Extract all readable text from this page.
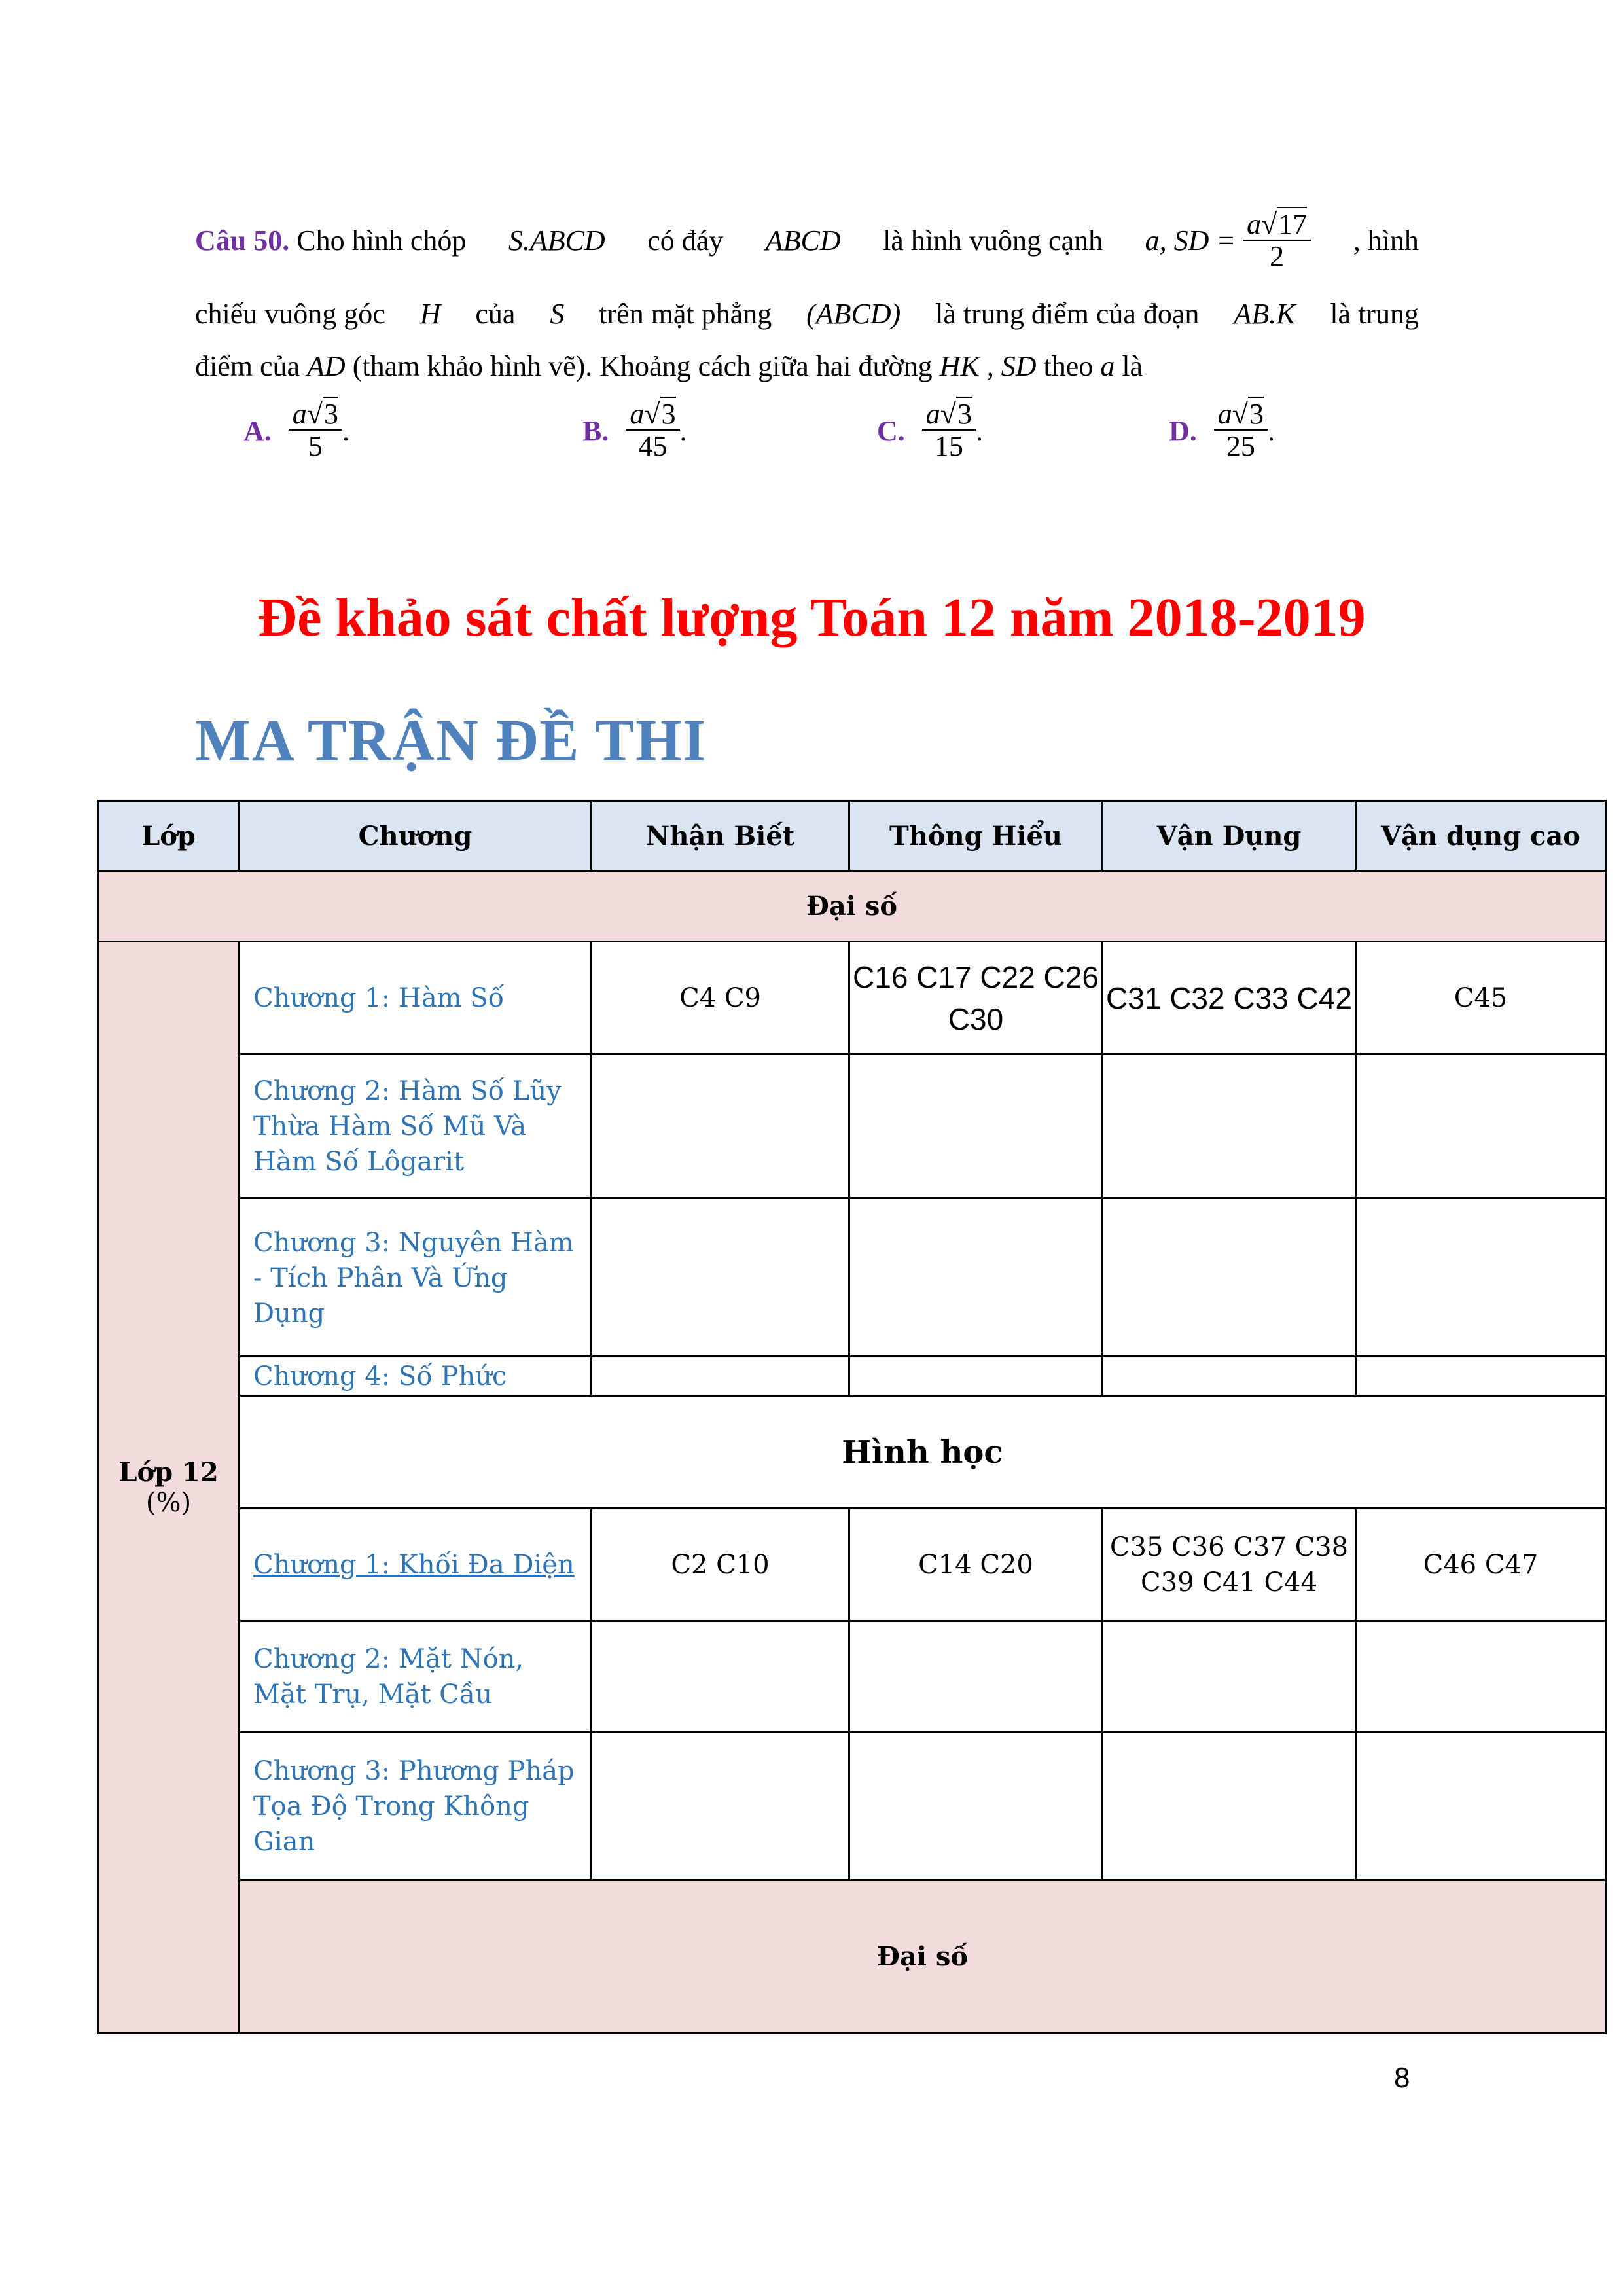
Câu 50. Cho hình chóp S.ABCD có đáy ABCD là hình vuông cạnh a, SD =
$\frac{a√17}{2}$ , hình
chiếu vuông góc H của S trên mặt phẳng (ABCD) là trung điểm của đoạn AB.K là trung
điểm của AD (tham khảo hình vẽ). Khoảng cách giữa hai đường HK , SD theo a là
A. $\frac{a√3}{5}$ .	B. $\frac{a√3}{45}$ .	C. $\frac{a√3}{15}$ .	D. $\frac{a√3}{25}$ .
Đề khảo sát chất lượng Toán 12 năm 2018-2019
MA TRẬN ĐỀ THI
Lớp	Chương	Nhận Biết	Thông Hiểu	Vận Dụng	Vận dụng cao
Đại số					

Lớp 12
(%)	Chương 1: Hàm Số	C4 C9	C16 C17 C22 C26 C30	C31 C32 C33 C42	C45
	Chương 2: Hàm Số Lũy Thừa Hàm Số Mũ Và Hàm Số Lôgarit				
	Chương 3: Nguyên Hàm - Tích Phân Và Ứng Dụng				
	Chương 4: Số Phức				
	Hình học				
	Chương 1: Khối Đa Diện	C2 C10	C14 C20	C35 C36 C37 C38 C39 C41 C44	C46 C47
	Chương 2: Mặt Nón, Mặt Trụ, Mặt Cầu				
	Chương 3: Phương Pháp Tọa Độ Trong Không Gian				
	Đại số				
8
